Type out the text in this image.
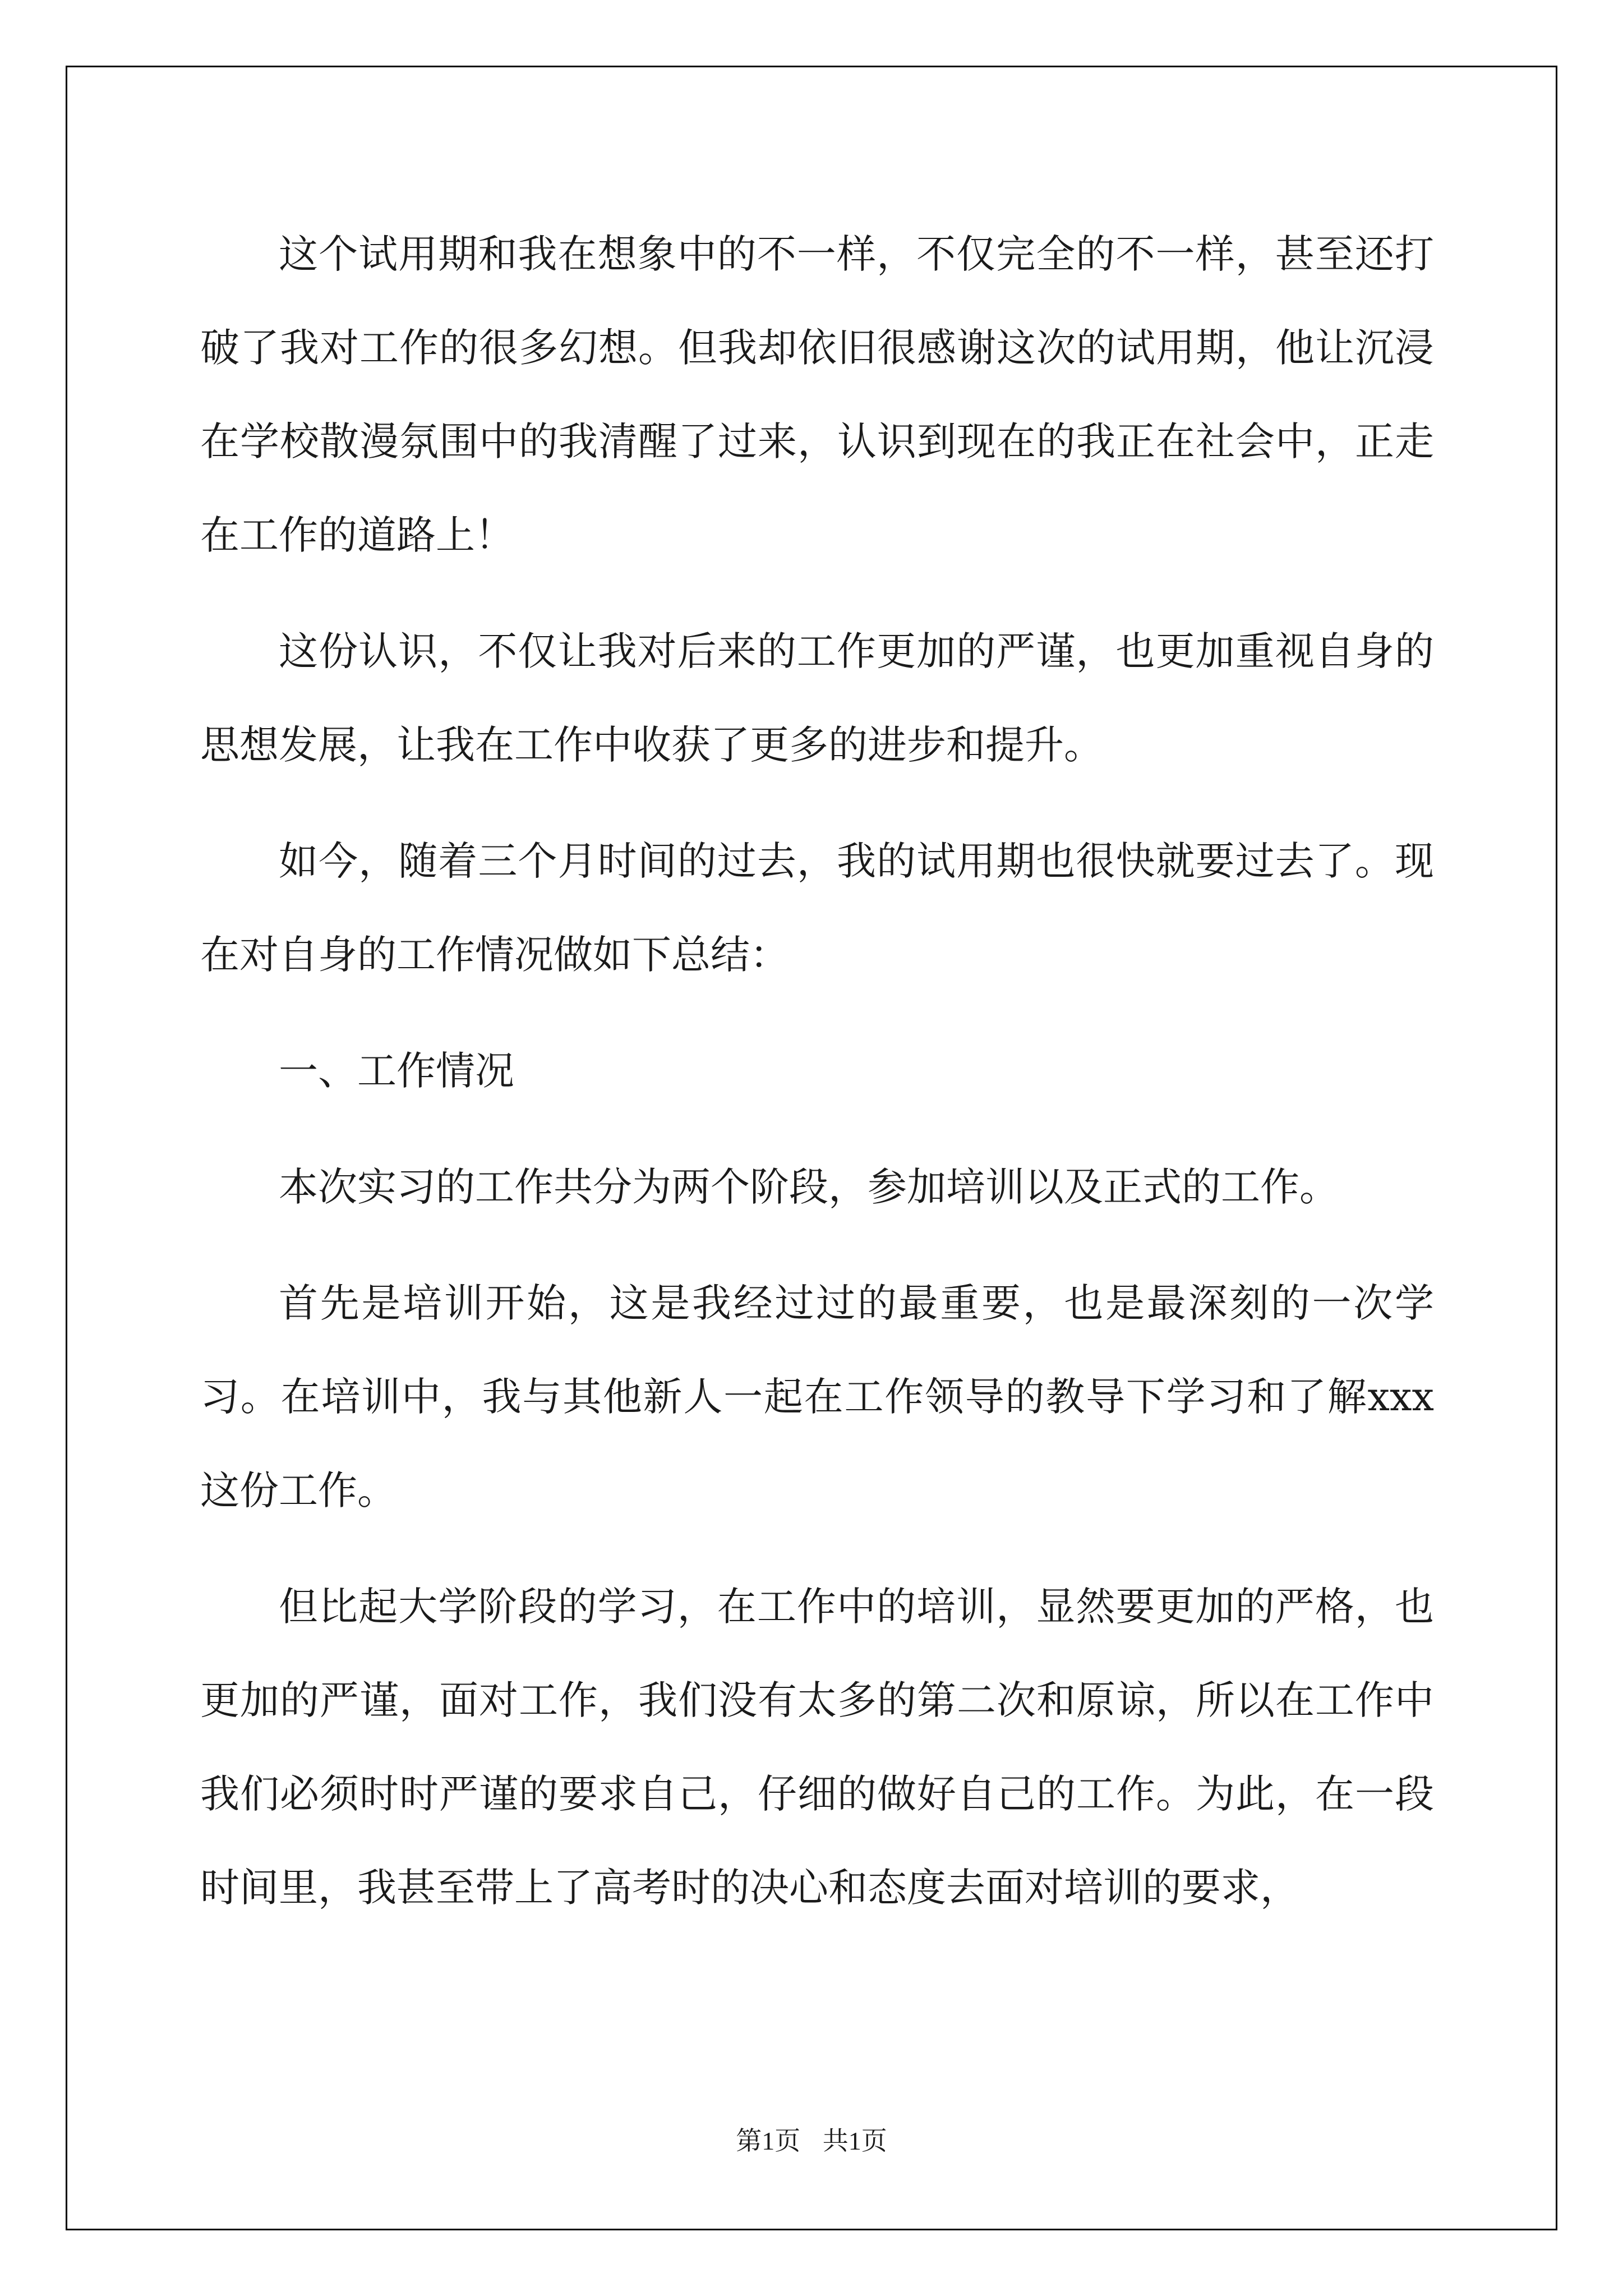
这个试用期和我在想象中的不一样，不仅完全的不一样，甚至还打破了我对工作的很多幻想。但我却依旧很感谢这次的试用期，他让沉浸在学校散漫氛围中的我清醒了过来，认识到现在的我正在社会中，正走在工作的道路上！

这份认识，不仅让我对后来的工作更加的严谨，也更加重视自身的思想发展，让我在工作中收获了更多的进步和提升。

如今，随着三个月时间的过去，我的试用期也很快就要过去了。现在对自身的工作情况做如下总结：

一、工作情况

本次实习的工作共分为两个阶段，参加培训以及正式的工作。

首先是培训开始，这是我经过过的最重要，也是最深刻的一次学习。在培训中，我与其他新人一起在工作领导的教导下学习和了解xxx这份工作。

但比起大学阶段的学习，在工作中的培训，显然要更加的严格，也更加的严谨，面对工作，我们没有太多的第二次和原谅，所以在工作中我们必须时时严谨的要求自己，仔细的做好自己的工作。为此，在一段时间里，我甚至带上了高考时的决心和态度去面对培训的要求，

第1页 共1页
